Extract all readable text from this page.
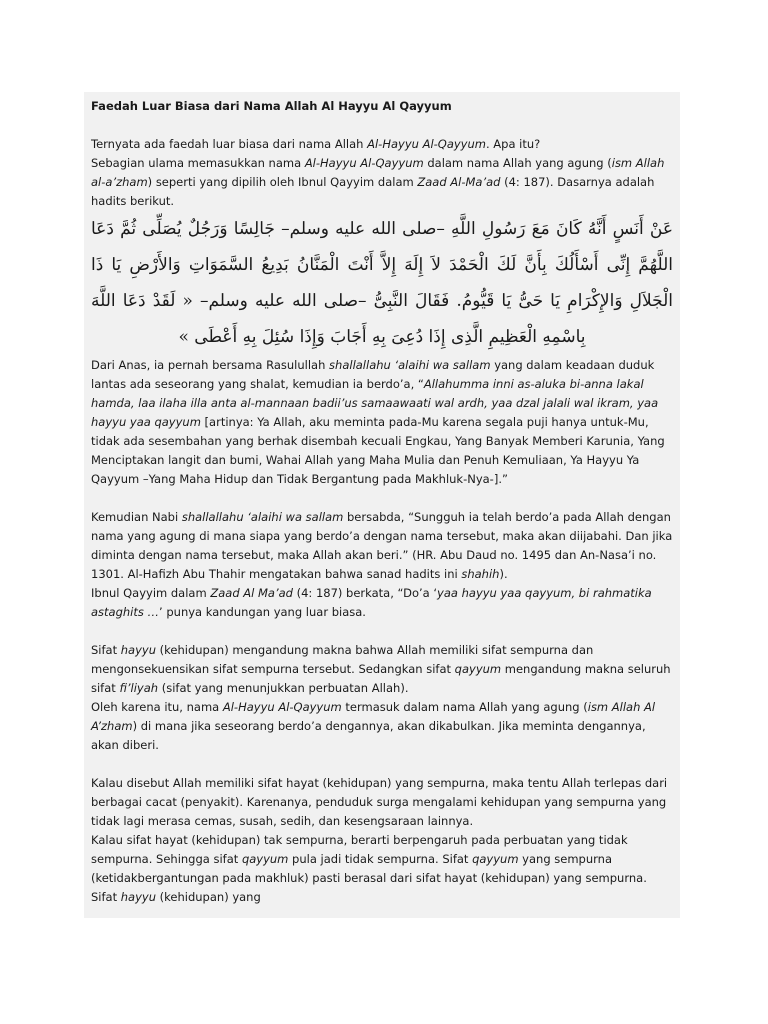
Faedah Luar Biasa dari Nama Allah Al Hayyu Al Qayyum

Ternyata ada faedah luar biasa dari nama Allah Al-Hayyu Al-Qayyum. Apa itu?

Sebagian ulama memasukkan nama Al-Hayyu Al-Qayyum dalam nama Allah yang agung (ism Allah al-a’zham) seperti yang dipilih oleh Ibnul Qayyim dalam Zaad Al-Ma’ad (4: 187). Dasarnya adalah hadits berikut.

عَنْ أَنَسٍ أَنَّهُ كَانَ مَعَ رَسُولِ اللَّهِ –صلى الله عليه وسلم– جَالِسًا وَرَجُلٌ يُصَلِّى ثُمَّ دَعَا اللَّهُمَّ إِنِّى أَسْأَلُكَ بِأَنَّ لَكَ الْحَمْدَ لاَ إِلَهَ إِلاَّ أَنْتَ الْمَنَّانُ بَدِيعُ السَّمَوَاتِ وَالأَرْضِ يَا ذَا الْجَلاَلِ وَالإِكْرَامِ يَا حَىُّ يَا قَيُّومُ. فَقَالَ النَّبِىُّ –صلى الله عليه وسلم– « لَقَدْ دَعَا اللَّهَ بِاسْمِهِ الْعَظِيمِ الَّذِى إِذَا دُعِىَ بِهِ أَجَابَ وَإِذَا سُئِلَ بِهِ أَعْطَى »

Dari Anas, ia pernah bersama Rasulullah shallallahu ‘alaihi wa sallam yang dalam keadaan duduk lantas ada seseorang yang shalat, kemudian ia berdo’a, “Allahumma inni as-aluka bi-anna lakal hamda, laa ilaha illa anta al-mannaan badii’us samaawaati wal ardh, yaa dzal jalali wal ikram, yaa hayyu yaa qayyum [artinya: Ya Allah, aku meminta pada-Mu karena segala puji hanya untuk-Mu, tidak ada sesembahan yang berhak disembah kecuali Engkau, Yang Banyak Memberi Karunia, Yang Menciptakan langit dan bumi, Wahai Allah yang Maha Mulia dan Penuh Kemuliaan, Ya Hayyu Ya Qayyum –Yang Maha Hidup dan Tidak Bergantung pada Makhluk-Nya-].”

Kemudian Nabi shallallahu ‘alaihi wa sallam bersabda, “Sungguh ia telah berdo’a pada Allah dengan nama yang agung di mana siapa yang berdo’a dengan nama tersebut, maka akan diijabahi. Dan jika diminta dengan nama tersebut, maka Allah akan beri.” (HR. Abu Daud no. 1495 dan An-Nasa’i no. 1301. Al-Hafizh Abu Thahir mengatakan bahwa sanad hadits ini shahih).

Ibnul Qayyim dalam Zaad Al Ma’ad (4: 187) berkata, “Do’a ‘yaa hayyu yaa qayyum, bi rahmatika astaghits …’ punya kandungan yang luar biasa.

Sifat hayyu (kehidupan) mengandung makna bahwa Allah memiliki sifat sempurna dan mengonsekuensikan sifat sempurna tersebut. Sedangkan sifat qayyum mengandung makna seluruh sifat fi’liyah (sifat yang menunjukkan perbuatan Allah).

Oleh karena itu, nama Al-Hayyu Al-Qayyum termasuk dalam nama Allah yang agung (ism Allah Al A’zham) di mana jika seseorang berdo’a dengannya, akan dikabulkan. Jika meminta dengannya, akan diberi.

Kalau disebut Allah memiliki sifat hayat (kehidupan) yang sempurna, maka tentu Allah terlepas dari berbagai cacat (penyakit). Karenanya, penduduk surga mengalami kehidupan yang sempurna yang tidak lagi merasa cemas, susah, sedih, dan kesengsaraan lainnya.

Kalau sifat hayat (kehidupan) tak sempurna, berarti berpengaruh pada perbuatan yang tidak sempurna. Sehingga sifat qayyum pula jadi tidak sempurna. Sifat qayyum yang sempurna (ketidakbergantungan pada makhluk) pasti berasal dari sifat hayat (kehidupan) yang sempurna. Sifat hayyu (kehidupan) yang
